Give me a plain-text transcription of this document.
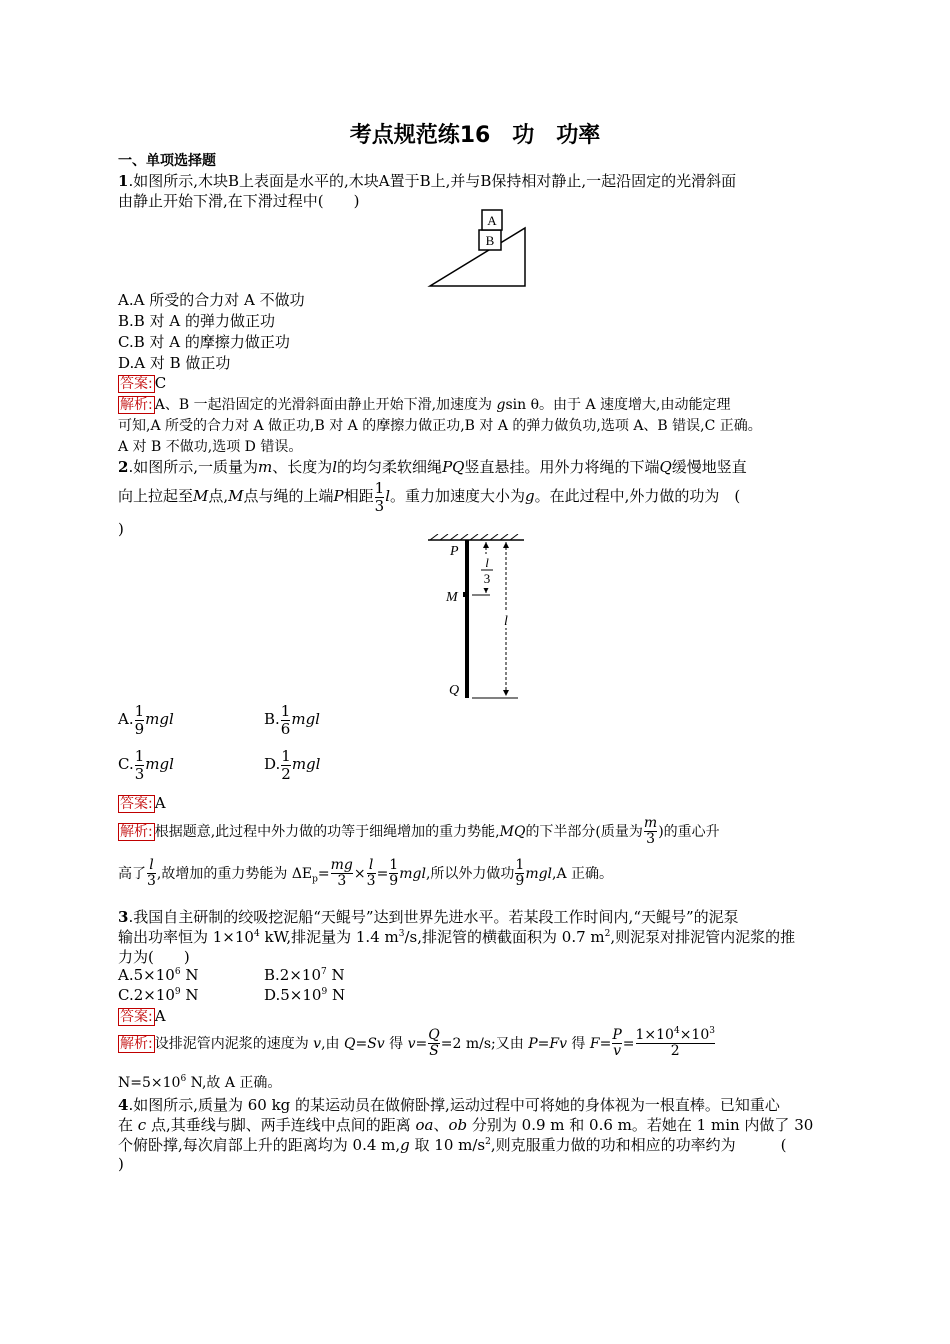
考点规范练16　功　功率
一、单项选择题
1.如图所示,木块B上表面是水平的,木块A置于B上,并与B保持相对静止,一起沿固定的光滑斜面
由静止开始下滑,在下滑过程中(　　)
A
B
A.A 所受的合力对 A 不做功
B.B 对 A 的弹力做正功
C.B 对 A 的摩擦力做正功
D.A 对 B 做正功
答案: C
解析: A、B 一起沿固定的光滑斜面由静止开始下滑,加速度为 gsin θ。由于 A 速度增大,由动能定理
可知,A 所受的合力对 A 做正功,B 对 A 的摩擦力做正功,B 对 A 的弹力做负功,选项 A、B 错误,C 正确。
A 对 B 不做功,选项 D 错误。
2.如图所示,一质量为m、长度为l的均匀柔软细绳PQ竖直悬挂。用外力将绳的下端Q缓慢地竖直
向上拉起至M点,M点与绳的上端P相距 $\frac{1}{3}$ l。重力加速度大小为g。在此过程中,外力做的功为　(
)
P
M
Q
l
3
l
A. $\frac{1}{9}$ mgl	B. $\frac{1}{6}$ mgl
C. $\frac{1}{3}$ mgl	D. $\frac{1}{2}$ mgl
答案: A
解析: 根据题意,此过程中外力做的功等于细绳增加的重力势能,MQ的下半部分(质量为$\frac{m}{3}$ )的重心升
高了$\frac{l}{3}$ ,故增加的重力势能为 $\Delta E_p=\frac{mg}{3} \times\frac{l}{3} = \frac{1}{9}$ mgl,所以外力做功 $\frac{1}{9} mgl,A$ 正确。
3.我国自主研制的绞吸挖泥船“天鲲号”达到世界先进水平。若某段工作时间内,“天鲲号”的泥泵
输出功率恒为 $1\times 10^4$ kW,排泥量为 1.4 $m^3/s$,排泥管的横截面积为 0.7 $m^2$,则泥泵对排泥管内泥浆的推
力为(　　)
$A.5\times 10^6$ N	$B.2\times 10^7$ N
$C.2\times 10^9$ N	$D.5\times 10^9$ N
答案: A
解析: 设排泥管内泥浆的速度为 v,由 Q=Sv 得 $v=\frac{Q}{S} =2$ m/s;又由 P=Fv 得 $F=\frac{P}{v} = \frac{1\times 10^4\times 10^3}{2}$
$N=5\times 10^6$ N,故 A 正确。
4.如图所示,质量为 60 kg 的某运动员在做俯卧撑,运动过程中可将她的身体视为一根直棒。已知重心
在 c 点,其垂线与脚、两手连线中点间的距离 oa、ob 分别为 0.9 m 和 0.6 m。若她在 1 min 内做了 30
个俯卧撑,每次肩部上升的距离均为 0.4 m,g 取 10 $m/s^2$,则克服重力做的功和相应的功率约为　　　(
)
